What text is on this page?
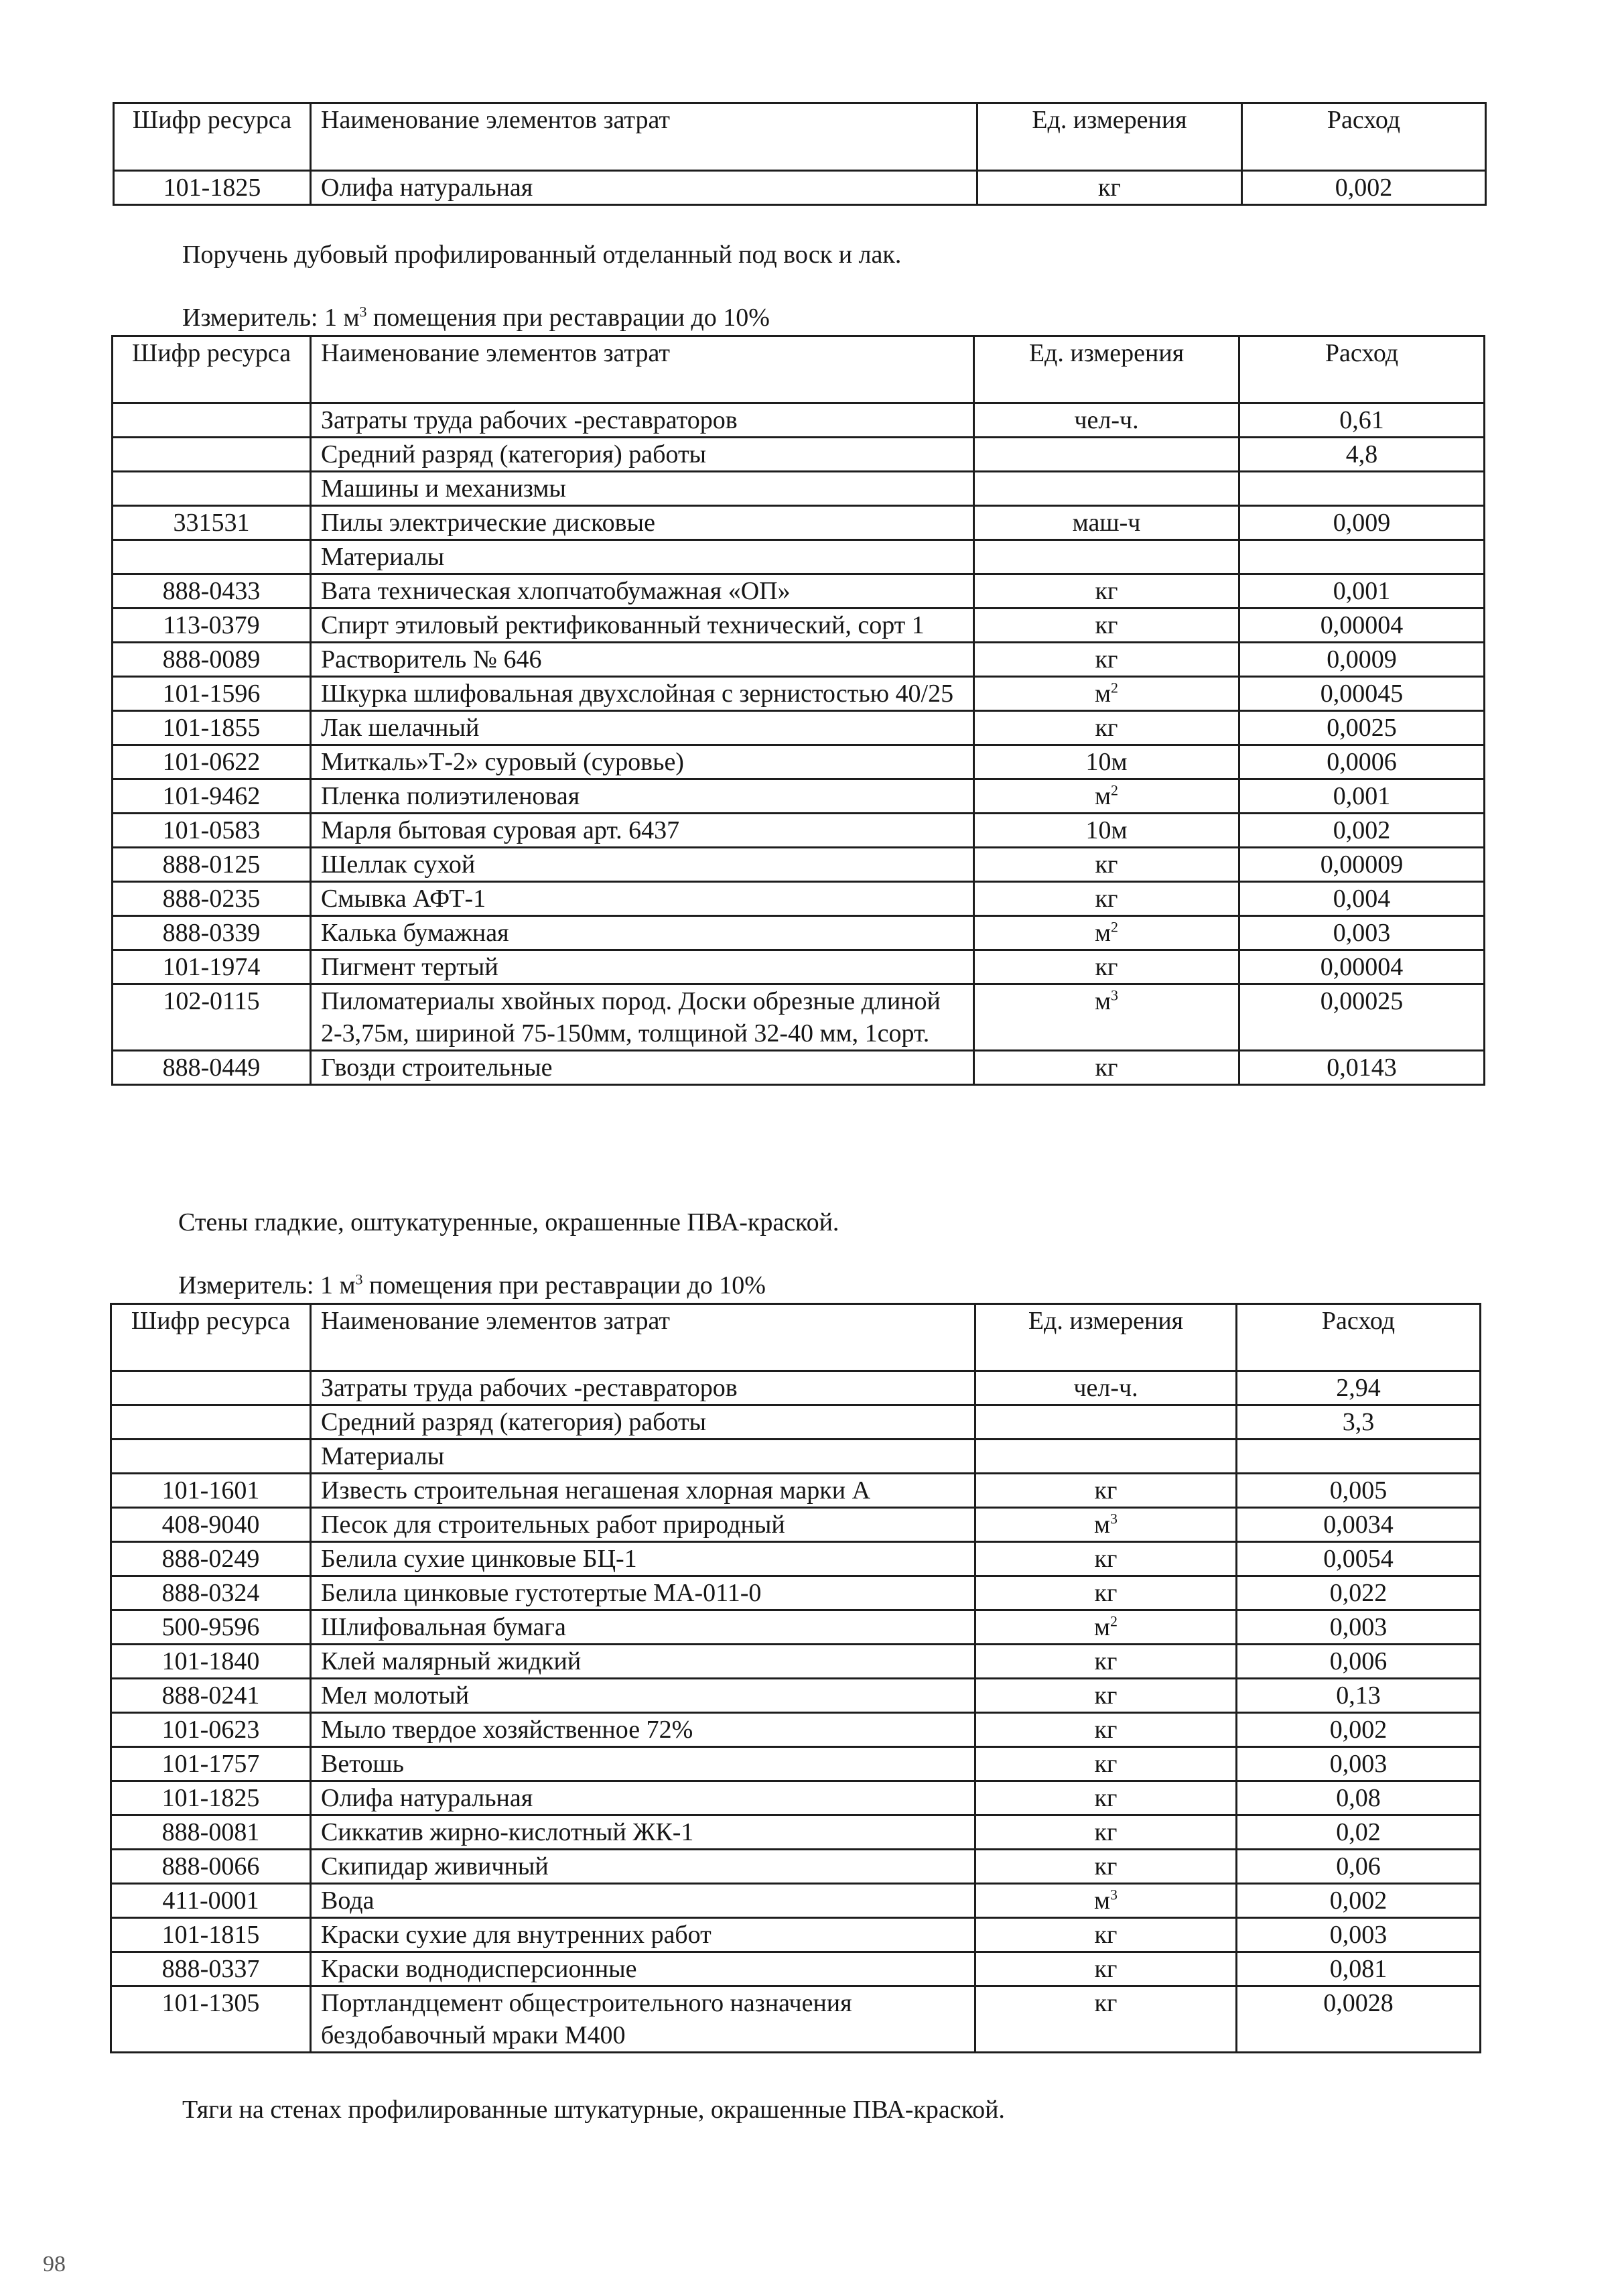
Шифр ресурса	Наименование элементов затрат	Ед. измерения	Расход
101-1825	Олифа натуральная	кг	0,002
Поручень дубовый профилированный отделанный под воск и лак.
Измеритель: 1 $м^3$ помещения при реставрации до 10%
Шифр ресурса	Наименование элементов затрат	Ед. измерения	Расход
	Затраты труда рабочих -реставраторов	чел-ч.	0,61
	Средний разряд (категория) работы		4,8
	Машины и механизмы		
331531	Пилы электрические дисковые	маш-ч	0,009
	Материалы		
888-0433	Вата техническая хлопчатобумажная «ОП»	кг	0,001
113-0379	Спирт этиловый ректификованный технический, сорт 1	кг	0,00004
888-0089	Растворитель № 646	кг	0,0009
101-1596	Шкурка шлифовальная двухслойная с зернистостью 40/25	$м^2$	0,00045
101-1855	Лак шелачный	кг	0,0025
101-0622	Миткаль»Т-2» суровый (суровье)	10м	0,0006
101-9462	Пленка полиэтиленовая	$м^2$	0,001
101-0583	Марля бытовая суровая арт. 6437	10м	0,002
888-0125	Шеллак сухой	кг	0,00009
888-0235	Смывка АФТ-1	кг	0,004
888-0339	Калька бумажная	$м^2$	0,003
101-1974	Пигмент тертый	кг	0,00004
102-0115	Пиломатериалы хвойных пород. Доски обрезные длиной 2-3,75м, шириной 75-150мм, толщиной 32-40 мм, 1сорт.	$м^3$	0,00025
888-0449	Гвозди строительные	кг	0,0143
Стены гладкие, оштукатуренные, окрашенные ПВА-краской.
Измеритель: 1 $м^3$ помещения при реставрации до 10%
Шифр ресурса	Наименование элементов затрат	Ед. измерения	Расход
	Затраты труда рабочих -реставраторов	чел-ч.	2,94
	Средний разряд (категория) работы		3,3
	Материалы		
101-1601	Известь строительная негашеная хлорная марки А	кг	0,005
408-9040	Песок для строительных работ природный	$м^3$	0,0034
888-0249	Белила сухие цинковые БЦ-1	кг	0,0054
888-0324	Белила цинковые густотертые МА-011-0	кг	0,022
500-9596	Шлифовальная бумага	$м^2$	0,003
101-1840	Клей малярный жидкий	кг	0,006
888-0241	Мел молотый	кг	0,13
101-0623	Мыло твердое хозяйственное 72%	кг	0,002
101-1757	Ветошь	кг	0,003
101-1825	Олифа натуральная	кг	0,08
888-0081	Сиккатив жирно-кислотный ЖК-1	кг	0,02
888-0066	Скипидар живичный	кг	0,06
411-0001	Вода	$м^3$	0,002
101-1815	Краски сухие для внутренних работ	кг	0,003
888-0337	Краски воднодисперсионные	кг	0,081
101-1305	Портландцемент общестроительного назначения бездобавочный мраки М400	кг	0,0028
Тяги на стенах профилированные штукатурные, окрашенные ПВА-краской.
98
